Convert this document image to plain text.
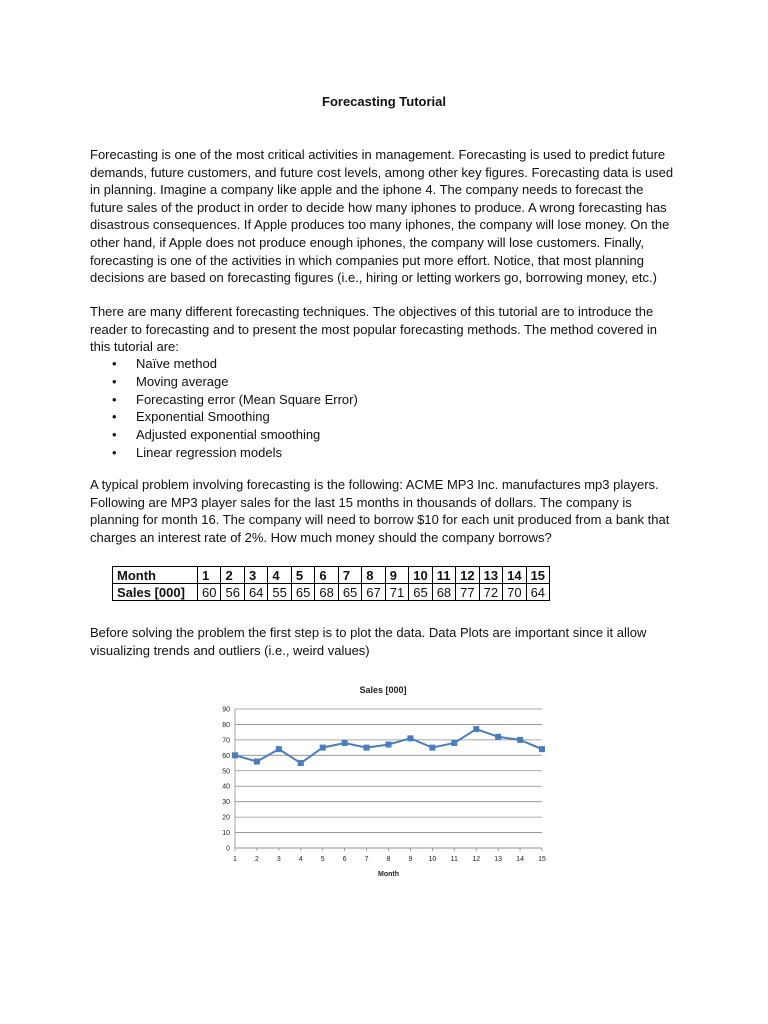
Forecasting Tutorial

Forecasting is one of the most critical activities in management. Forecasting is used to predict future demands, future customers, and future cost levels, among other key figures. Forecasting data is used in planning. Imagine a company like apple and the iphone 4. The company needs to forecast the future sales of the product in order to decide how many iphones to produce. A wrong forecasting has disastrous consequences. If Apple produces too many iphones, the company will lose money. On the other hand, if Apple does not produce enough iphones, the company will lose customers. Finally, forecasting is one of the activities in which companies put more effort. Notice, that most planning decisions are based on forecasting figures (i.e., hiring or letting workers go, borrowing money, etc.)

There are many different forecasting techniques. The objectives of this tutorial are to introduce the reader to forecasting and to present the most popular forecasting methods. The method covered in this tutorial are:

• Naïve method
• Moving average
• Forecasting error (Mean Square Error)
• Exponential Smoothing
• Adjusted exponential smoothing
• Linear regression models

A typical problem involving forecasting is the following: ACME MP3 Inc. manufactures mp3 players. Following are MP3 player sales for the last 15 months in thousands of dollars. The company is planning for month 16. The company will need to borrow $10 for each unit produced from a bank that charges an interest rate of 2%. How much money should the company borrows?

Month	1	2	3	4	5	6	7	8	9	10	11	12	13	14	15
Sales [000]	60	56	64	55	65	68	65	67	71	65	68	77	72	70	64

Before solving the problem the first step is to plot the data. Data Plots are important since it allow visualizing trends and outliers (i.e., weird values)

Sales [000]
0
10
20
30
40
50
60
70
80
90
1	2	3	4	5	6	7	8	9 10 11 12 13 14 15
Month
